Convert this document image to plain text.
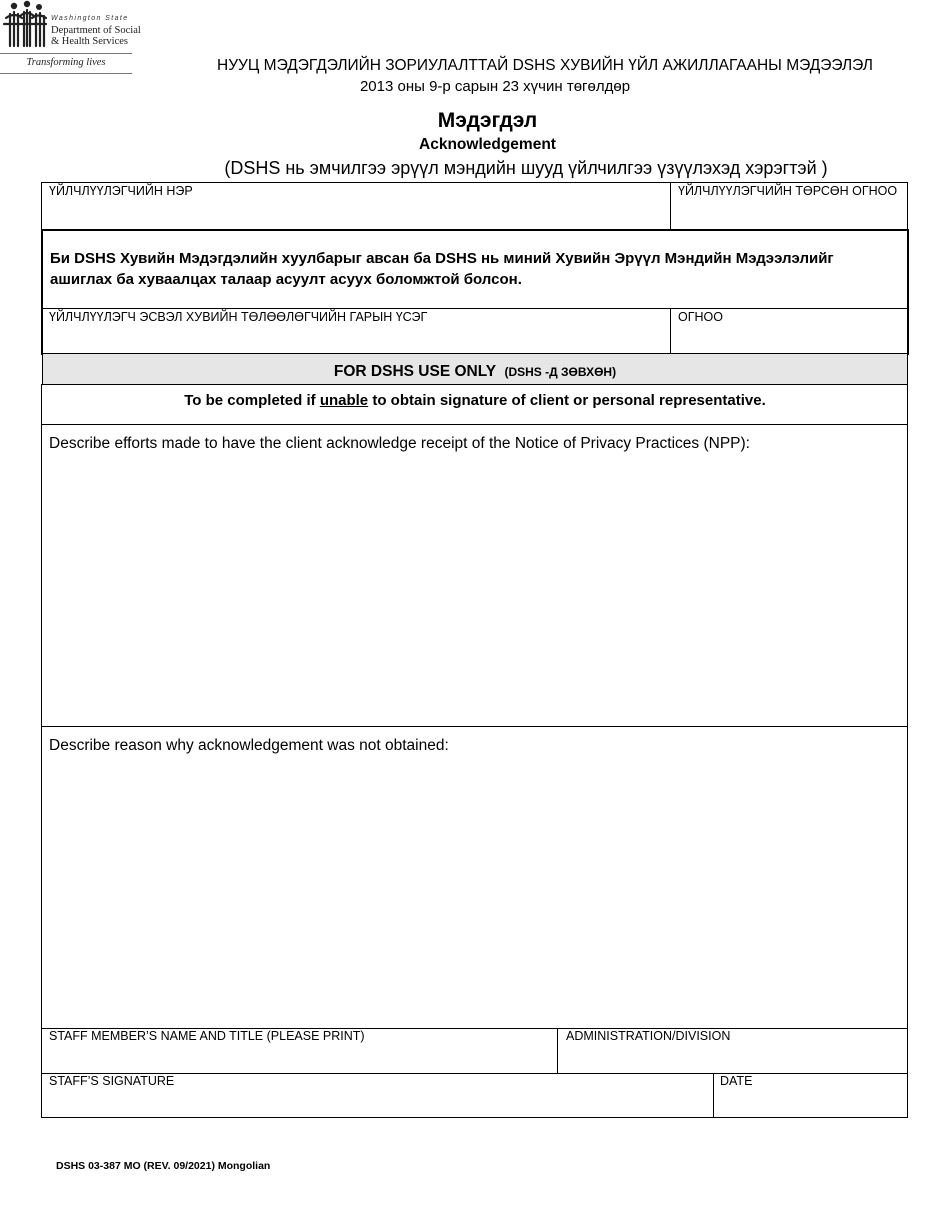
Washington State
Department of Social
& Health Services
Transforming lives	НУУЦ МЭДЭГДЭЛИЙН ЗОРИУЛАЛТТАЙ DSHS ХУВИЙН ҮЙЛ АЖИЛЛАГААНЫ МЭДЭЭЛЭЛ
2013 оны 9-р сарын 23 хүчин төгөлдөр
Мэдэгдэл
Acknowledgement
(DSHS нь эмчилгээ эрүүл мэндийн шууд үйлчилгээ үзүүлэхэд хэрэгтэй )
ҮЙЛЧЛҮҮЛЭГЧИЙН НЭР	ҮЙЛЧЛҮҮЛЭГЧИЙН ТӨРСӨН ОГНОО
Би DSHS Хувийн Мэдэгдэлийн хуулбарыг авсан ба DSHS нь миний Хувийн Эрүүл Мэндийн Мэдээлэлийг ашиглах ба хуваалцах талаар асуулт асуух боломжтой болсон.
ҮЙЛЧЛҮҮЛЭГЧ ЭСВЭЛ ХУВИЙН ТӨЛӨӨЛӨГЧИЙН ГАРЫН ҮСЭГ	ОГНОО
FOR DSHS USE ONLY (DSHS -Д ЗӨВХӨН)
To be completed if unable to obtain signature of client or personal representative.
Describe efforts made to have the client acknowledge receipt of the Notice of Privacy Practices (NPP):
Describe reason why acknowledgement was not obtained:
STAFF MEMBER’S NAME AND TITLE (PLEASE PRINT)	ADMINISTRATION/DIVISION
STAFF’S SIGNATURE	DATE
DSHS 03-387 MO (REV. 09/2021) Mongolian
